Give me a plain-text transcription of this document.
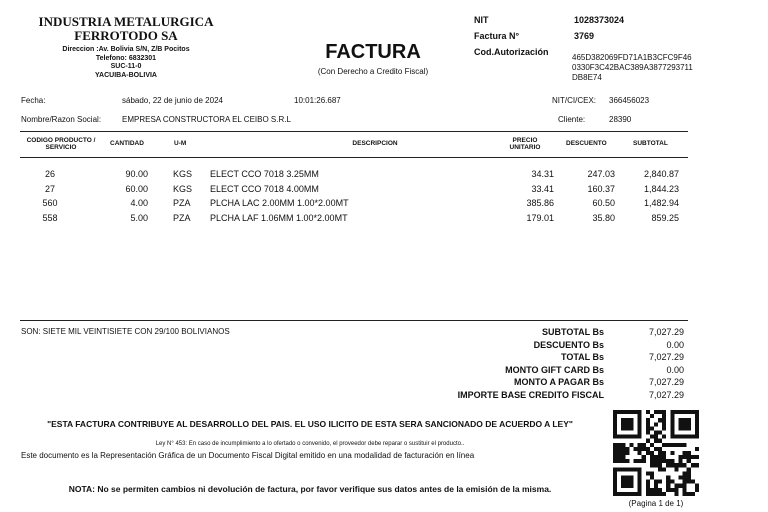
INDUSTRIA METALURGICA
FERROTODO SA
Direccion :Av. Bolivia S/N, Z/B Pocitos
Telefono: 6832301
SUC-11-0
YACUIBA-BOLIVIA
FACTURA
(Con Derecho a Credito Fiscal)
NIT	1028373024
Factura N°	3769
Cod.Autorización
465D382069FD71A1B3CFC9F46
0330F3C42BAC389A3877293711
DB8E74
Fecha:	sábado, 22 de junio de 2024	10:01:26.687	NIT/CI/CEX: 366456023
Nombre/Razon Social:	EMPRESA CONSTRUCTORA EL CEIBO S.R.L	Cliente:	28390
CODIGO PRODUCTO /
SERVICIO
CANTIDAD	U-M	DESCRIPCION	PRECIO
UNITARIO
DESCUENTO	SUBTOTAL
26	90.00	KGS ELECT CCO 7018 3.25MM	34.31	247.03	2,840.87
27	60.00	KGS ELECT CCO 7018 4.00MM	33.41	160.37	1,844.23
560	4.00	PZA PLCHA LAC 2.00MM 1.00*2.00MT	385.86	60.50	1,482.94
558	5.00	PZA PLCHA LAF 1.06MM 1.00*2.00MT	179.01	35.80	859.25
SON: SIETE MIL VEINTISIETE CON 29/100 BOLIVIANOS	SUBTOTAL Bs	7,027.29
DESCUENTO Bs	0.00
TOTAL Bs	7,027.29
MONTO GIFT CARD Bs	0.00
MONTO A PAGAR Bs	7,027.29
IMPORTE BASE CREDITO FISCAL	7,027.29
"ESTA FACTURA CONTRIBUYE AL DESARROLLO DEL PAIS. EL USO ILICITO DE ESTA SERA SANCIONADO DE ACUERDO A LEY"
Ley N° 453: En caso de incumplimiento a lo ofertado o convenido, el proveedor debe reparar o sustituir el producto..
Este documento es la Representación Gráfica de un Documento Fiscal Digital emitido en una modalidad de facturación en línea
NOTA: No se permiten cambios ni devolución de factura, por favor verifique sus datos antes de la emisión de la misma.
(Pagina 1 de 1)
